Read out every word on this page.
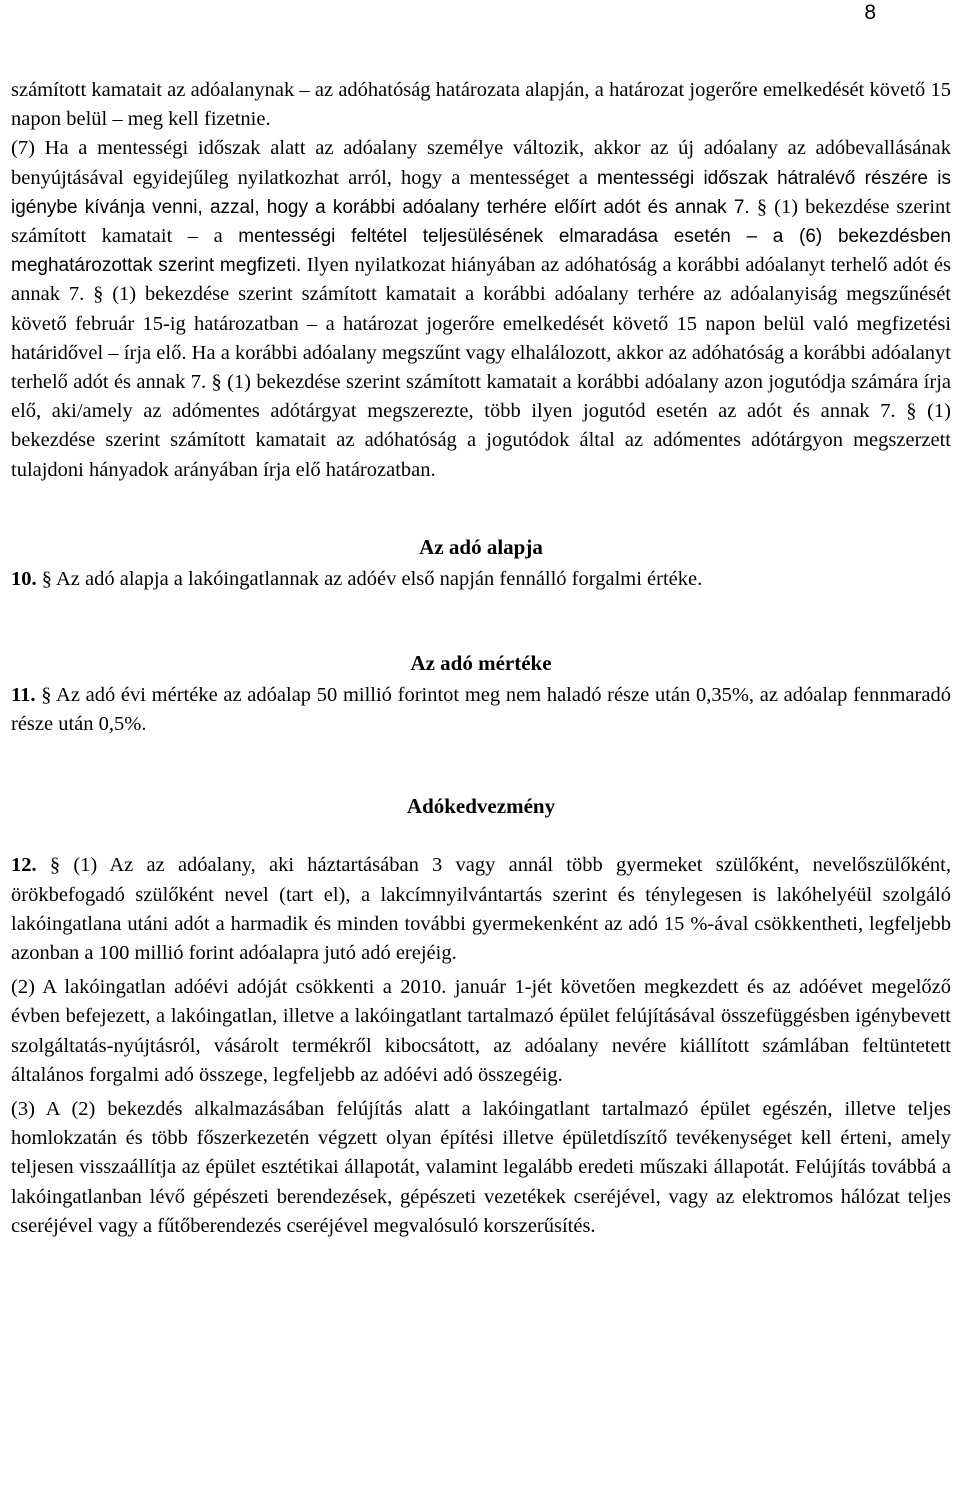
8

számított kamatait az adóalanynak – az adóhatóság határozata alapján, a határozat jogerőre emelkedését követő 15 napon belül – meg kell fizetnie.

(7) Ha a mentességi időszak alatt az adóalany személye változik, akkor az új adóalany az adóbevallásának benyújtásával egyidejűleg nyilatkozhat arról, hogy a mentességet a mentességi időszak hátralévő részére is igénybe kívánja venni, azzal, hogy a korábbi adóalany terhére előírt adót és annak 7. § (1) bekezdése szerint számított kamatait – a mentességi feltétel teljesülésének elmaradása esetén – a (6) bekezdésben meghatározottak szerint megfizeti. Ilyen nyilatkozat hiányában az adóhatóság a korábbi adóalanyt terhelő adót és annak 7. § (1) bekezdése szerint számított kamatait a korábbi adóalany terhére az adóalanyiság megszűnését követő február 15-ig határozatban – a határozat jogerőre emelkedését követő 15 napon belül való megfizetési határidővel – írja elő. Ha a korábbi adóalany megszűnt vagy elhalálozott, akkor az adóhatóság a korábbi adóalanyt terhelő adót és annak 7. § (1) bekezdése szerint számított kamatait a korábbi adóalany azon jogutódja számára írja elő, aki/amely az adómentes adótárgyat megszerezte, több ilyen jogutód esetén az adót és annak 7. § (1) bekezdése szerint számított kamatait az adóhatóság a jogutódok által az adómentes adótárgyon megszerzett tulajdoni hányadok arányában írja elő határozatban.

Az adó alapja

10. § Az adó alapja a lakóingatlannak az adóév első napján fennálló forgalmi értéke.

Az adó mértéke

11. § Az adó évi mértéke az adóalap 50 millió forintot meg nem haladó része után 0,35%, az adóalap fennmaradó része után 0,5%.

Adókedvezmény

12. § (1) Az az adóalany, aki háztartásában 3 vagy annál több gyermeket szülőként, nevelőszülőként, örökbefogadó szülőként nevel (tart el), a lakcímnyilvántartás szerint és ténylegesen is lakóhelyéül szolgáló lakóingatlana utáni adót a harmadik és minden további gyermekenként az adó 15 %-ával csökkentheti, legfeljebb azonban a 100 millió forint adóalapra jutó adó erejéig.

(2) A lakóingatlan adóévi adóját csökkenti a 2010. január 1-jét követően megkezdett és az adóévet megelőző évben befejezett, a lakóingatlan, illetve a lakóingatlant tartalmazó épület felújításával összefüggésben igénybevett szolgáltatás-nyújtásról, vásárolt termékről kibocsátott, az adóalany nevére kiállított számlában feltüntetett általános forgalmi adó összege, legfeljebb az adóévi adó összegéig.

(3) A (2) bekezdés alkalmazásában felújítás alatt a lakóingatlant tartalmazó épület egészén, illetve teljes homlokzatán és több főszerkezetén végzett olyan építési illetve épületdíszítő tevékenységet kell érteni, amely teljesen visszaállítja az épület esztétikai állapotát, valamint legalább eredeti műszaki állapotát. Felújítás továbbá a lakóingatlanban lévő gépészeti berendezések, gépészeti vezetékek cseréjével, vagy az elektromos hálózat teljes cseréjével vagy a fűtőberendezés cseréjével megvalósuló korszerűsítés.
